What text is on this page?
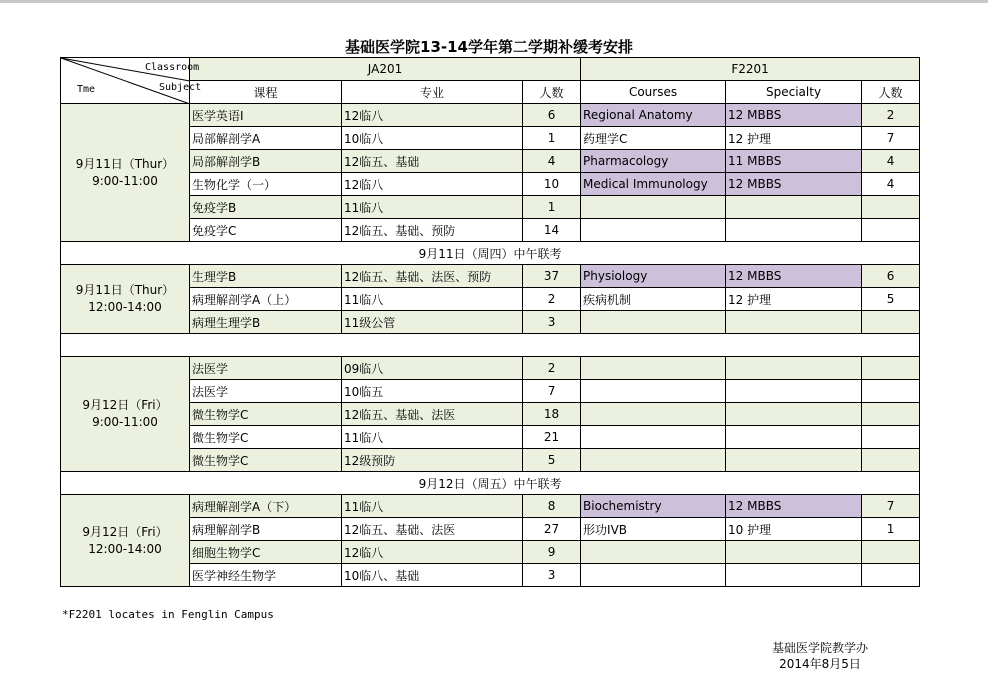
基础医学院13-14学年第二学期补缓考安排
Classroom
Subject
Tme	JA201			F2201		
	课程	专业	人数	Courses	Specialty	人数

9月11日（Thur）
9:00-11:00	医学英语I	12临八	6	Regional Anatomy	12 MBBS	2
	局部解剖学A	10临八	1	药理学C	12 护理	7
	局部解剖学B	12临五、基础	4	Pharmacology	11 MBBS	4
	生物化学（一）	12临八	10	Medical Immunology	12 MBBS	4
	免疫学B	11临八	1			
	免疫学C	12临五、基础、预防	14			
9月11日（周四）中午联考						

9月11日（Thur）
12:00-14:00	生理学B	12临五、基础、法医、预防	37	Physiology	12 MBBS	6
	病理解剖学A（上）	11临八	2	疾病机制	12 护理	5
	病理生理学B	11级公管	3			

9月12日（Fri）
9:00-11:00	法医学	09临八	2			
	法医学	10临五	7			
	微生物学C	12临五、基础、法医	18			
	微生物学C	11临八	21			
	微生物学C	12级预防	5			
9月12日（周五）中午联考						

9月12日（Fri）
12:00-14:00	病理解剖学A（下）	11临八	8	Biochemistry	12 MBBS	7
	病理解剖学B	12临五、基础、法医	27	形功IVB	10 护理	1
	细胞生物学C	12临八	9			
	医学神经生物学	10临八、基础	3			
*F2201 locates in Fenglin Campus
基础医学院教学办
2014年8月5日
